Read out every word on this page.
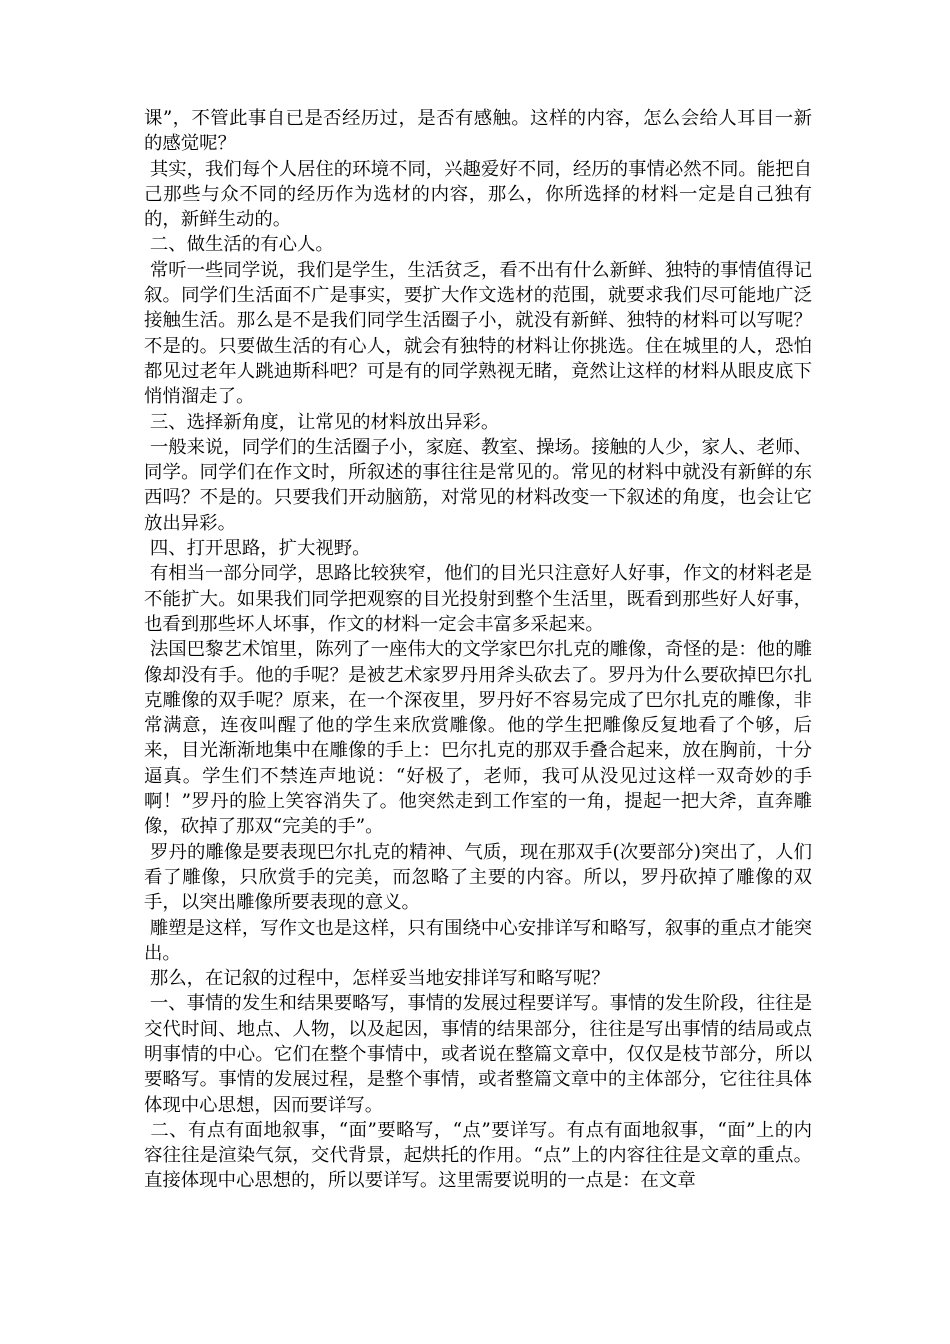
课”，不管此事自已是否经历过，是否有感触。这样的内容，怎么会给人耳目一新的感觉呢？

其实，我们每个人居住的环境不同，兴趣爱好不同，经历的事情必然不同。能把自己那些与众不同的经历作为选材的内容，那么，你所选择的材料一定是自己独有的，新鲜生动的。

二、做生活的有心人。

常听一些同学说，我们是学生，生活贫乏，看不出有什么新鲜、独特的事情值得记叙。同学们生活面不广是事实，要扩大作文选材的范围，就要求我们尽可能地广泛接触生活。那么是不是我们同学生活圈子小，就没有新鲜、独特的材料可以写呢？不是的。只要做生活的有心人，就会有独特的材料让你挑选。住在城里的人，恐怕都见过老年人跳迪斯科吧？可是有的同学熟视无睹，竟然让这样的材料从眼皮底下悄悄溜走了。

三、选择新角度，让常见的材料放出异彩。

一般来说，同学们的生活圈子小，家庭、教室、操场。接触的人少，家人、老师、同学。同学们在作文时，所叙述的事往往是常见的。常见的材料中就没有新鲜的东西吗？不是的。只要我们开动脑筋，对常见的材料改变一下叙述的角度，也会让它放出异彩。

四、打开思路，扩大视野。

有相当一部分同学，思路比较狭窄，他们的目光只注意好人好事，作文的材料老是不能扩大。如果我们同学把观察的目光投射到整个生活里，既看到那些好人好事，也看到那些坏人坏事，作文的材料一定会丰富多采起来。

法国巴黎艺术馆里，陈列了一座伟大的文学家巴尔扎克的雕像，奇怪的是：他的雕像却没有手。他的手呢？是被艺术家罗丹用斧头砍去了。罗丹为什么要砍掉巴尔扎克雕像的双手呢？原来，在一个深夜里，罗丹好不容易完成了巴尔扎克的雕像，非常满意，连夜叫醒了他的学生来欣赏雕像。他的学生把雕像反复地看了个够，后来，目光渐渐地集中在雕像的手上：巴尔扎克的那双手叠合起来，放在胸前，十分逼真。学生们不禁连声地说：“好极了，老师，我可从没见过这样一双奇妙的手啊！”罗丹的脸上笑容消失了。他突然走到工作室的一角，提起一把大斧，直奔雕像，砍掉了那双“完美的手”。

罗丹的雕像是要表现巴尔扎克的精神、气质，现在那双手(次要部分)突出了，人们看了雕像，只欣赏手的完美，而忽略了主要的内容。所以，罗丹砍掉了雕像的双手，以突出雕像所要表现的意义。

雕塑是这样，写作文也是这样，只有围绕中心安排详写和略写，叙事的重点才能突出。

那么，在记叙的过程中，怎样妥当地安排详写和略写呢？

一、事情的发生和结果要略写，事情的发展过程要详写。事情的发生阶段，往往是交代时间、地点、人物，以及起因，事情的结果部分，往往是写出事情的结局或点明事情的中心。它们在整个事情中，或者说在整篇文章中，仅仅是枝节部分，所以要略写。事情的发展过程，是整个事情，或者整篇文章中的主体部分，它往往具体体现中心思想，因而要详写。

二、有点有面地叙事，“面”要略写，“点”要详写。有点有面地叙事，“面”上的内容往往是渲染气氛，交代背景，起烘托的作用。“点”上的内容往往是文章的重点。直接体现中心思想的，所以要详写。这里需要说明的一点是：在文章
